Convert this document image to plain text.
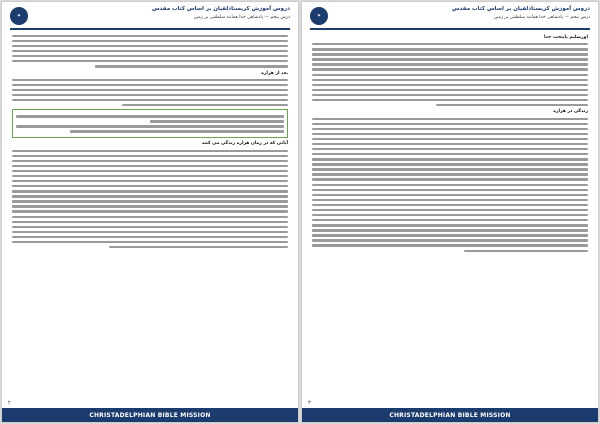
✦
دروس آموزش کریستادلفیان بر اساس کتاب مقدس
درس پنجم — پادشاهی خدا همانند سلطنتی بر زمین
بعد از هزاره
آیاتی که در زمان هزاره زندگی می کنند
۲
CHRISTADELPHIAN BIBLE MISSION
✦
دروس آموزش کریستادلفیان بر اساس کتاب مقدس
درس پنجم — پادشاهی خدا همانند سلطنتی بر زمین
اورشلیم پایتخت خدا
زندگی در هزاره
۳
CHRISTADELPHIAN BIBLE MISSION
